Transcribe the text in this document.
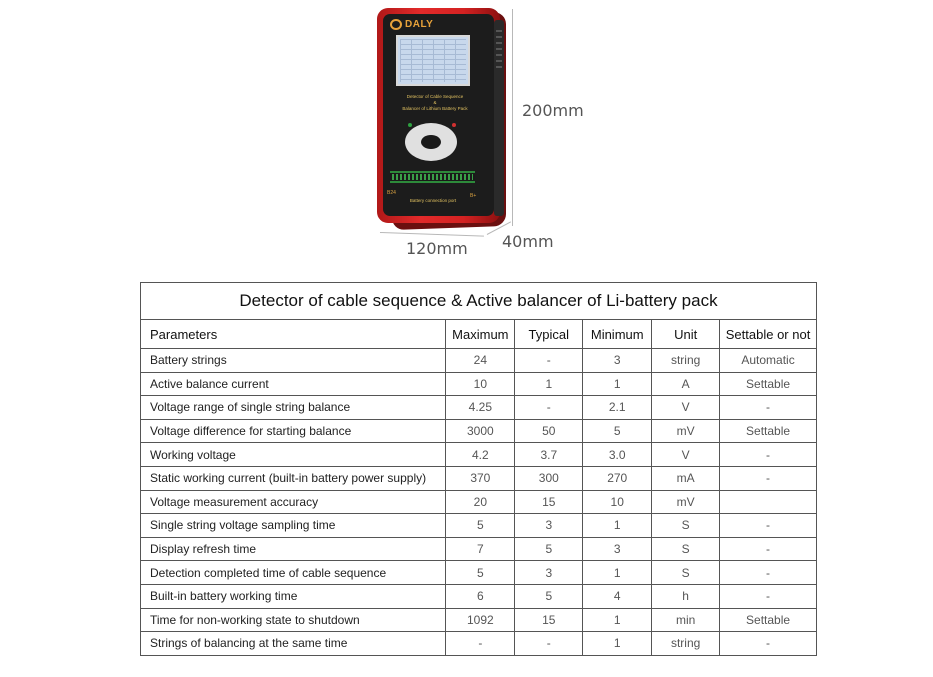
DALY
Detector of Cable Sequence
&
Balancer of Lithium Battery Pack
B24	B+
Battery connection port
200mm
120mm 40mm
Detector of cable sequence & Active balancer of Li-battery pack					
Parameters	Maximum	Typical	Minimum	Unit	Settable or not
Battery strings	24	-	3	string	Automatic
Active balance current	10	1	1	A	Settable
Voltage range of single string balance	4.25	-	2.1	V	-
Voltage difference for starting balance	3000	50	5	mV	Settable
Working voltage	4.2	3.7	3.0	V	-
Static working current (built-in battery power supply)	370	300	270	mA	-
Voltage measurement accuracy	20	15	10	mV	
Single string voltage sampling time	5	3	1	S	-
Display refresh time	7	5	3	S	-
Detection completed time of cable sequence	5	3	1	S	-
Built-in battery working time	6	5	4	h	-
Time for non-working state to shutdown	1092	15	1	min	Settable
Strings of balancing at the same time	-	-	1	string	-
